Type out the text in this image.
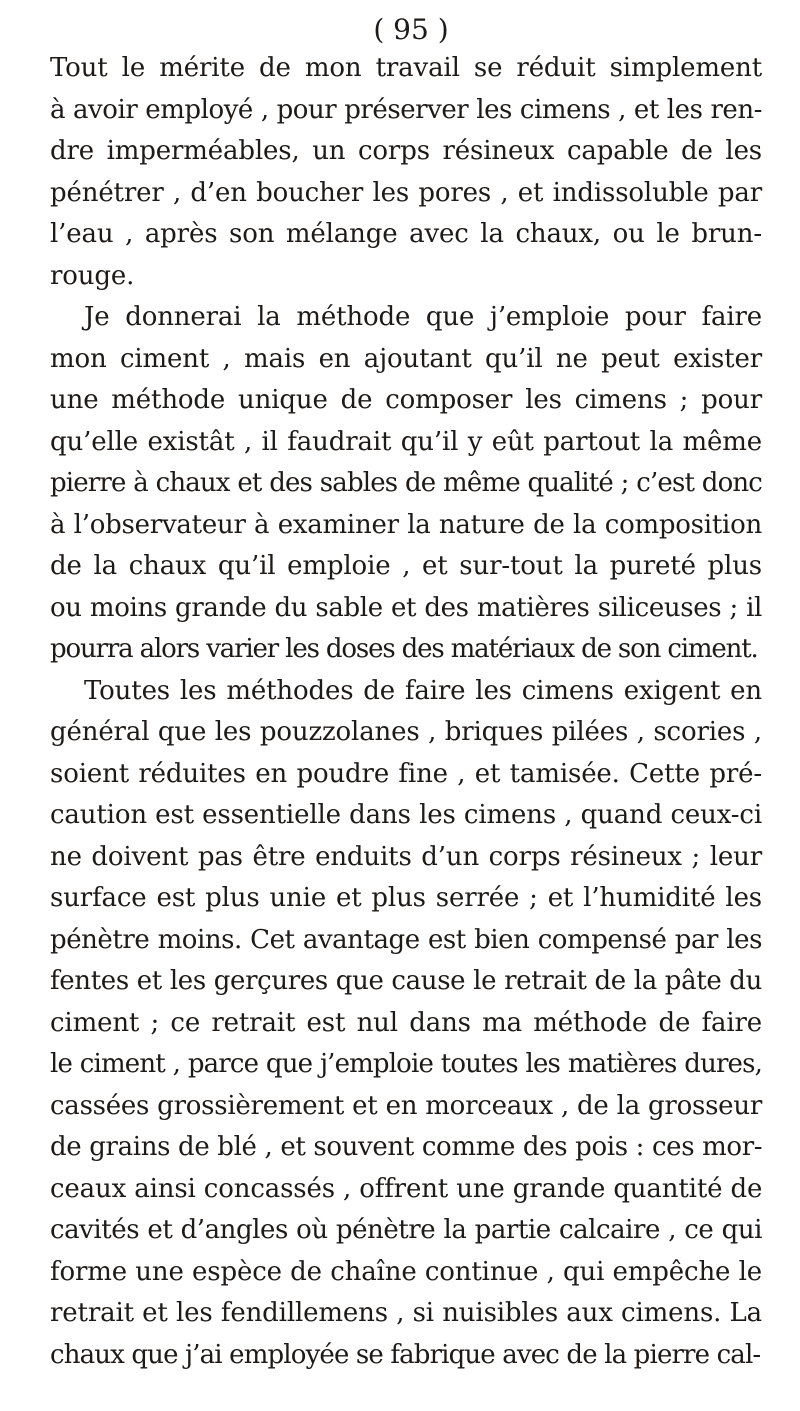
( 95 )
Tout le mérite de mon travail se réduit simplement
à avoir employé , pour préserver les cimens , et les ren-
dre imperméables, un corps résineux capable de les
pénétrer , d’en boucher les pores , et indissoluble par
l’eau , après son mélange avec la chaux, ou le brun-
rouge.
Je donnerai la méthode que j’emploie pour faire
mon ciment , mais en ajoutant qu’il ne peut exister
une méthode unique de composer les cimens ; pour
qu’elle existât , il faudrait qu’il y eût partout la même
pierre à chaux et des sables de même qualité ; c’est donc
à l’observateur à examiner la nature de la composition
de la chaux qu’il emploie , et sur-tout la pureté plus
ou moins grande du sable et des matières siliceuses ; il
pourra alors varier les doses des matériaux de son ciment.
Toutes les méthodes de faire les cimens exigent en
général que les pouzzolanes , briques pilées , scories ,
soient réduites en poudre fine , et tamisée. Cette pré-
caution est essentielle dans les cimens , quand ceux-ci
ne doivent pas être enduits d’un corps résineux ; leur
surface est plus unie et plus serrée ; et l’humidité les
pénètre moins. Cet avantage est bien compensé par les
fentes et les gerçures que cause le retrait de la pâte du
ciment ; ce retrait est nul dans ma méthode de faire
le ciment , parce que j’emploie toutes les matières dures,
cassées grossièrement et en morceaux , de la grosseur
de grains de blé , et souvent comme des pois : ces mor-
ceaux ainsi concassés , offrent une grande quantité de
cavités et d’angles où pénètre la partie calcaire , ce qui
forme une espèce de chaîne continue , qui empêche le
retrait et les fendillemens , si nuisibles aux cimens. La
chaux que j’ai employée se fabrique avec de la pierre cal-
